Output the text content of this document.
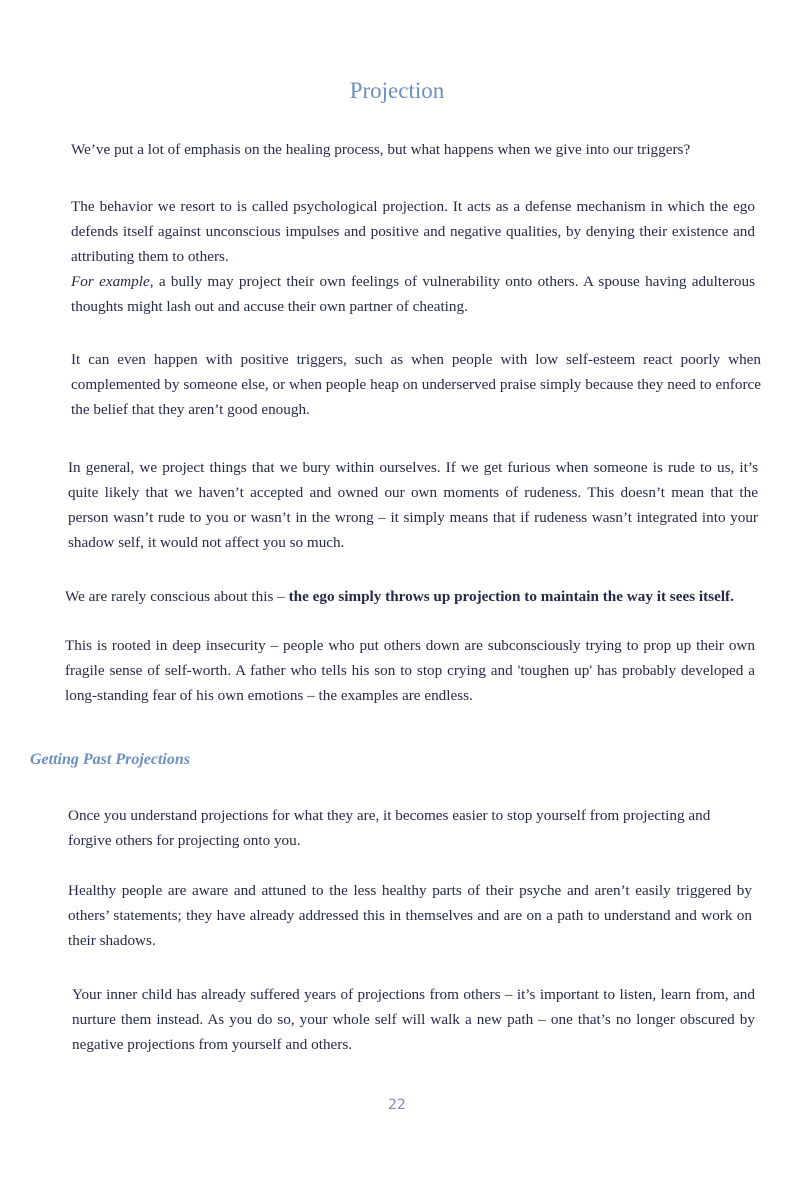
Projection

We’ve put a lot of emphasis on the healing process, but what happens when we give into our triggers?

The behavior we resort to is called psychological projection. It acts as a defense mechanism in which the ego defends itself against unconscious impulses and positive and negative qualities, by denying their existence and attributing them to others.

For example, a bully may project their own feelings of vulnerability onto others. A spouse having adulterous thoughts might lash out and accuse their own partner of cheating.

It can even happen with positive triggers, such as when people with low self-esteem react poorly when complemented by someone else, or when people heap on underserved praise simply because they need to enforce the belief that they aren’t good enough.

In general, we project things that we bury within ourselves. If we get furious when someone is rude to us, it’s quite likely that we haven’t accepted and owned our own moments of rudeness. This doesn’t mean that the person wasn’t rude to you or wasn’t in the wrong – it simply means that if rudeness wasn’t integrated into your shadow self, it would not affect you so much.

We are rarely conscious about this – the ego simply throws up projection to maintain the way it sees itself.

This is rooted in deep insecurity – people who put others down are subconsciously trying to prop up their own fragile sense of self-worth. A father who tells his son to stop crying and 'toughen up' has probably developed a long-standing fear of his own emotions – the examples are endless.

Getting Past Projections

Once you understand projections for what they are, it becomes easier to stop yourself from projecting and forgive others for projecting onto you.

Healthy people are aware and attuned to the less healthy parts of their psyche and aren’t easily triggered by others’ statements; they have already addressed this in themselves and are on a path to understand and work on their shadows.

Your inner child has already suffered years of projections from others – it’s important to listen, learn from, and nurture them instead. As you do so, your whole self will walk a new path – one that’s no longer obscured by negative projections from yourself and others.

22
